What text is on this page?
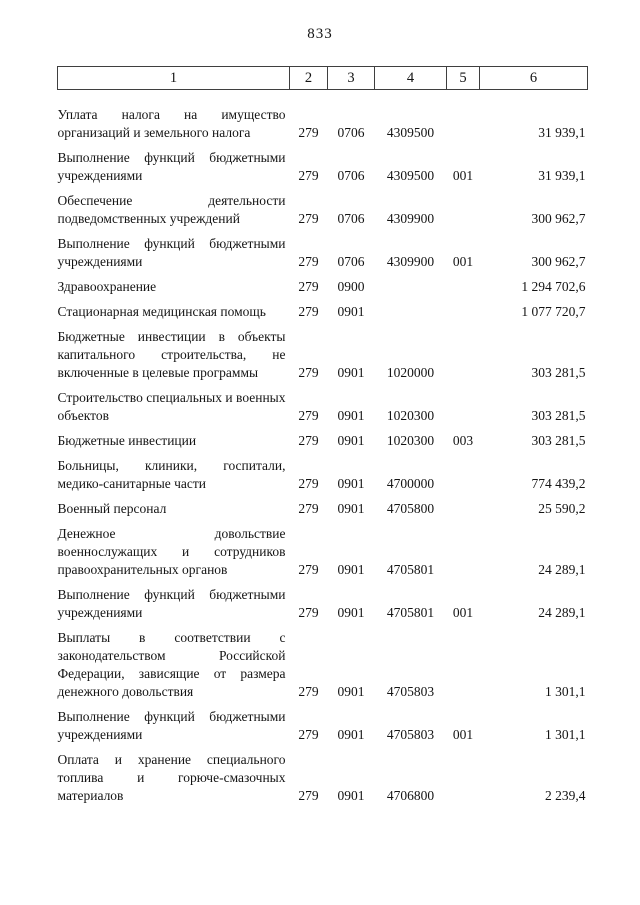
833
1	2	3	4	5	6
Уплата налога на имущество организаций и земельного налога	279	0706	4309500		31 939,1
Выполнение функций бюджетными учреждениями	279	0706	4309500	001	31 939,1
Обеспечение деятельности подведомственных учреждений	279	0706	4309900		300 962,7
Выполнение функций бюджетными учреждениями	279	0706	4309900	001	300 962,7
Здравоохранение	279	0900			1 294 702,6
Стационарная медицинская помощь	279	0901			1 077 720,7
Бюджетные инвестиции в объекты капитального строительства, не включенные в целевые программы	279	0901	1020000		303 281,5
Строительство специальных и военных объектов	279	0901	1020300		303 281,5
Бюджетные инвестиции	279	0901	1020300	003	303 281,5
Больницы, клиники, госпитали, медико-санитарные части	279	0901	4700000		774 439,2
Военный персонал	279	0901	4705800		25 590,2
Денежное довольствие военнослужащих и сотрудников правоохранительных органов	279	0901	4705801		24 289,1
Выполнение функций бюджетными учреждениями	279	0901	4705801	001	24 289,1
Выплаты в соответствии с законодательством Российской Федерации, зависящие от размера денежного довольствия	279	0901	4705803		1 301,1
Выполнение функций бюджетными учреждениями	279	0901	4705803	001	1 301,1
Оплата и хранение специального топлива и горюче-смазочных материалов	279	0901	4706800		2 239,4
